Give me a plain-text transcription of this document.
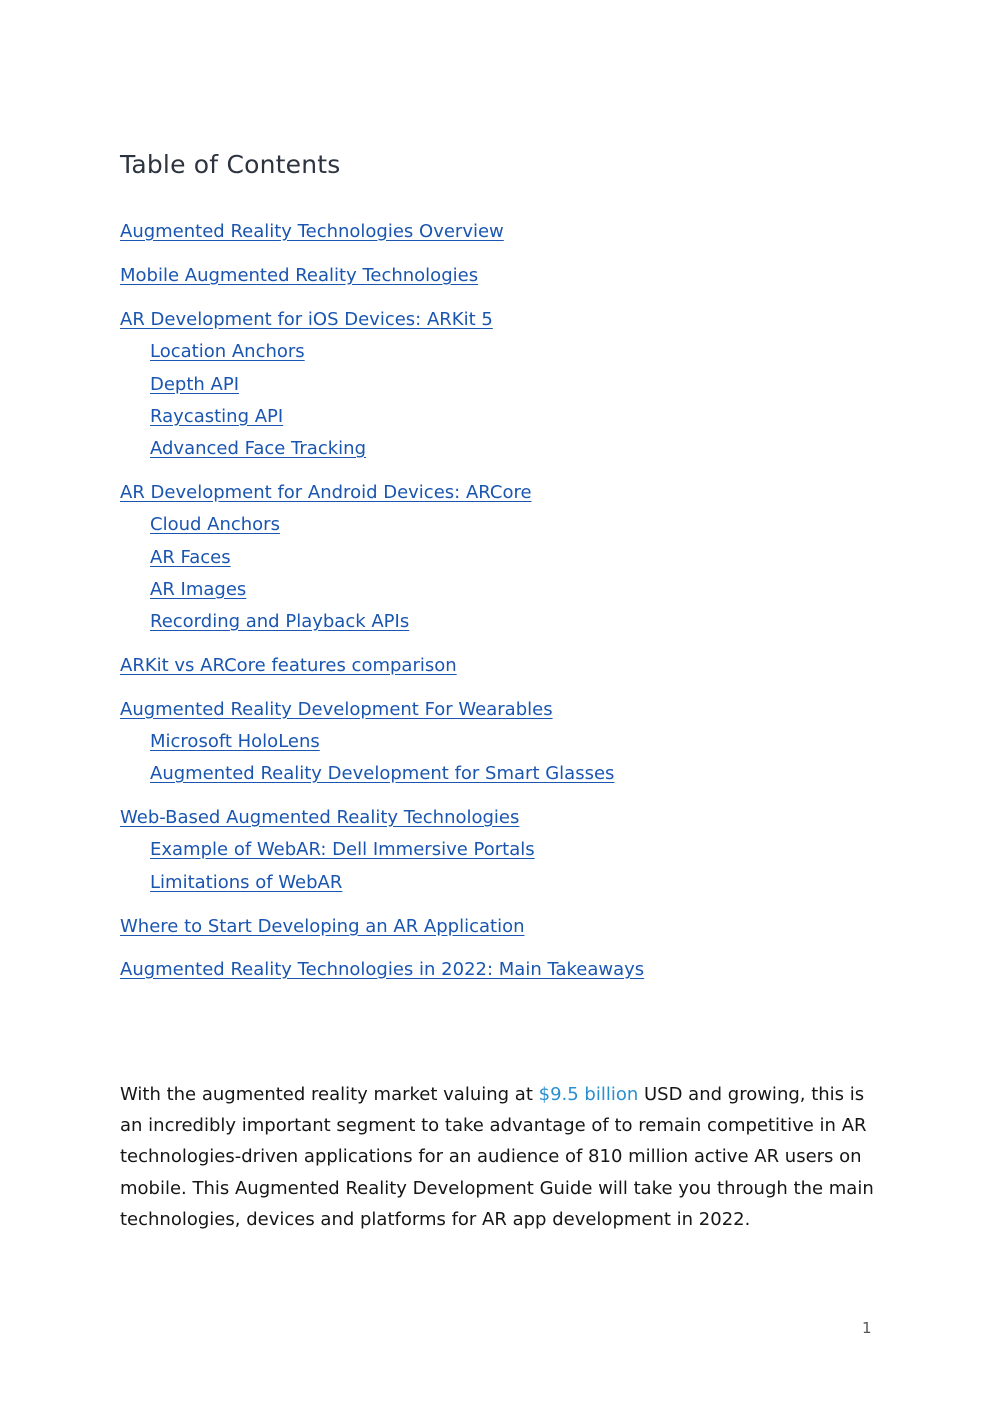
Table of Contents
Augmented Reality Technologies Overview
Mobile Augmented Reality Technologies
AR Development for iOS Devices: ARKit 5
Location Anchors
Depth API
Raycasting API
Advanced Face Tracking
AR Development for Android Devices: ARCore
Cloud Anchors
AR Faces
AR Images
Recording and Playback APIs
ARKit vs ARCore features comparison
Augmented Reality Development For Wearables
Microsoft HoloLens
Augmented Reality Development for Smart Glasses
Web-Based Augmented Reality Technologies
Example of WebAR: Dell Immersive Portals
Limitations of WebAR
Where to Start Developing an AR Application
Augmented Reality Technologies in 2022: Main Takeaways

With the augmented reality market valuing at $9.5 billion USD and growing, this is an incredibly important segment to take advantage of to remain competitive in AR technologies-driven applications for an audience of 810 million active AR users on mobile. This Augmented Reality Development Guide will take you through the main technologies, devices and platforms for AR app development in 2022.

1
